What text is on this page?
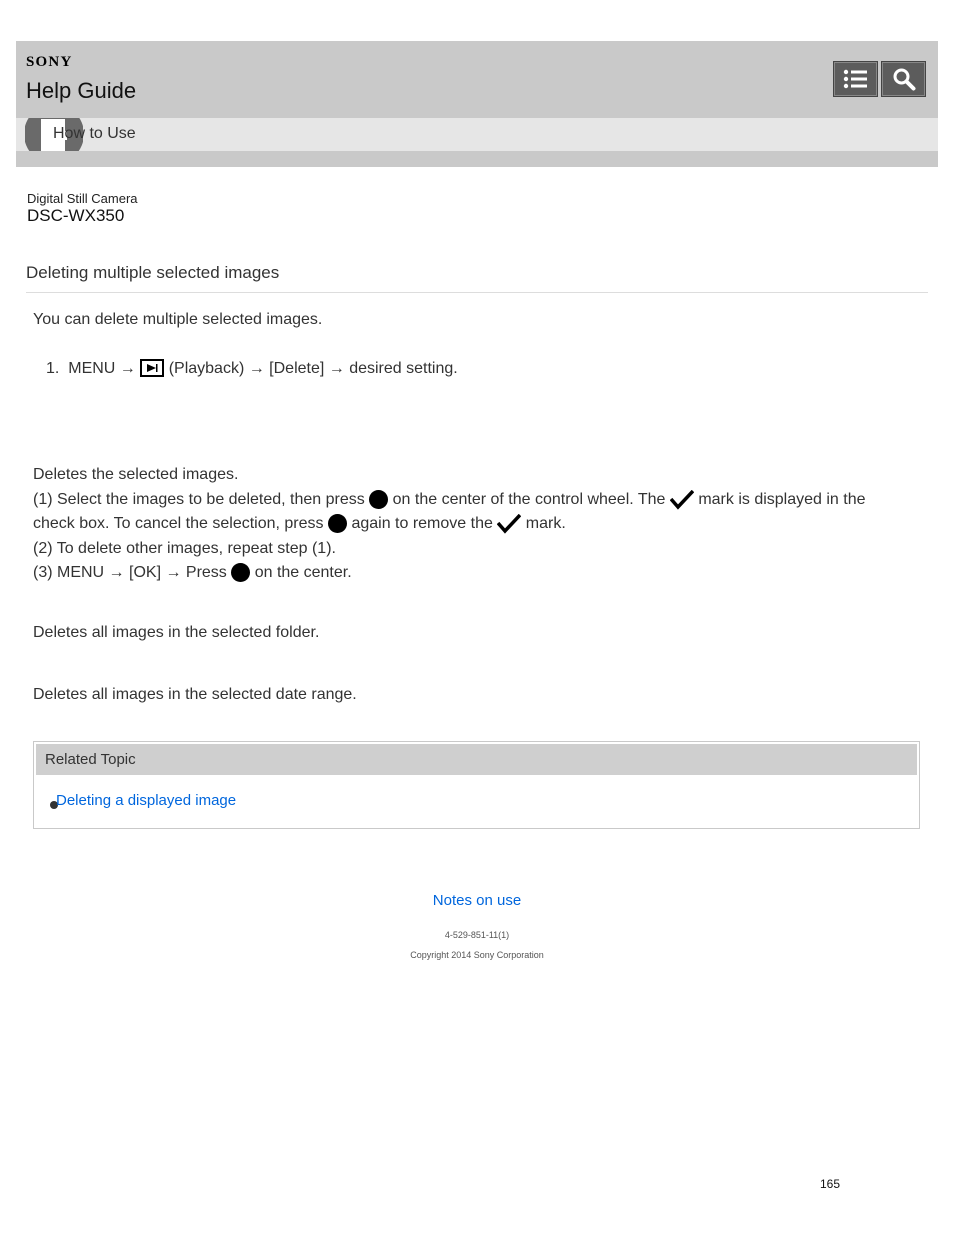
SONY
Help Guide
How to Use
Digital Still Camera
DSC-WX350
Deleting multiple selected images
You can delete multiple selected images.
1. MENU → (Playback) → [Delete] → desired setting.
Deletes the selected images.
(1) Select the images to be deleted, then press on the center of the control wheel. The mark is displayed in the
check box. To cancel the selection, press again to remove the mark.
(2) To delete other images, repeat step (1).
(3) MENU → [OK] → Press on the center.
Deletes all images in the selected folder.
Deletes all images in the selected date range.
Related Topic
Deleting a displayed image
Notes on use
4-529-851-11(1)
Copyright 2014 Sony Corporation
165
